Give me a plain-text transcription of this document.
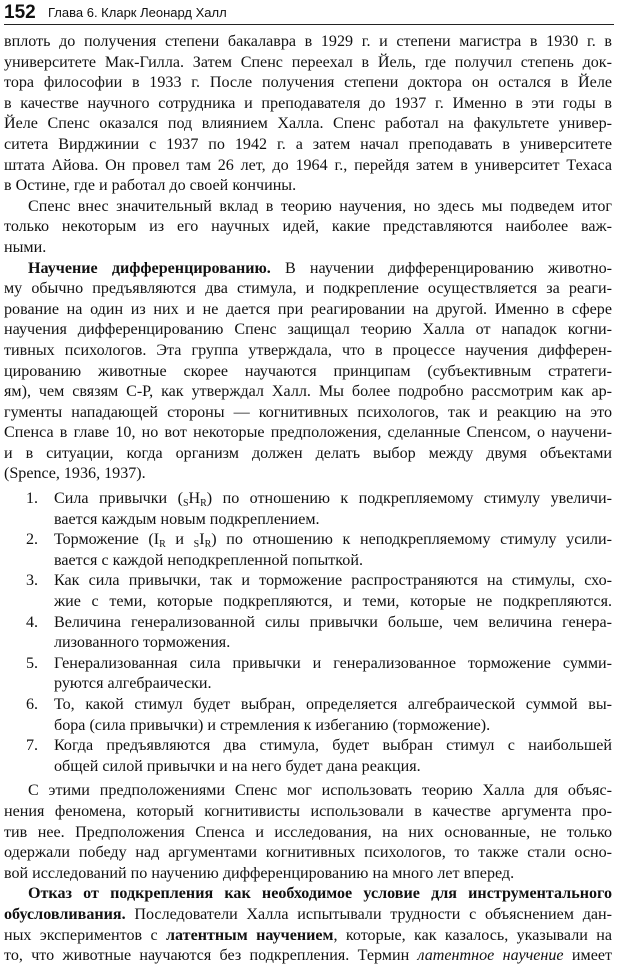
152 Глава 6. Кларк Леонард Халл
вплоть до получения степени бакалавра в 1929 г. и степени магистра в 1930 г. в
университете Мак-Гилла. Затем Спенс переехал в Йель, где получил степень док-
тора философии в 1933 г. После получения степени доктора он остался в Йеле
в качестве научного сотрудника и преподавателя до 1937 г. Именно в эти годы в
Йеле Спенс оказался под влиянием Халла. Спенс работал на факультете универ-
ситета Вирджинии с 1937 по 1942 г. а затем начал преподавать в университете
штата Айова. Он провел там 26 лет, до 1964 г., перейдя затем в университет Техаса
в Остине, где и работал до своей кончины.
Спенс внес значительный вклад в теорию научения, но здесь мы подведем итог
только некоторым из его научных идей, какие представляются наиболее важ-
ными.
Научение дифференцированию. В научении дифференцированию животно-
му обычно предъявляются два стимула, и подкрепление осуществляется за реаги-
рование на один из них и не дается при реагировании на другой. Именно в сфере
научения дифференцированию Спенс защищал теорию Халла от нападок когни-
тивных психологов. Эта группа утверждала, что в процессе научения дифферен-
цированию животные скорее научаются принципам (субъективным стратеги-
ям), чем связям С-Р, как утверждал Халл. Мы более подробно рассмотрим как ар-
гументы нападающей стороны — когнитивных психологов, так и реакцию на это
Спенса в главе 10, но вот некоторые предположения, сделанные Спенсом, о научени-
и в ситуации, когда организм должен делать выбор между двумя объектами
(Spence, 1936, 1937).
1. Сила привычки $(_SH_R)$ по отношению к подкрепляемому стимулу увеличи-
вается каждым новым подкреплением.
2. Торможение ($I_R$ и $_SI_R$) по отношению к неподкрепляемому стимулу усили-
вается с каждой неподкрепленной попыткой.
3. Как сила привычки, так и торможение распространяются на стимулы, схо-
жие с теми, которые подкрепляются, и теми, которые не подкрепляются.
4. Величина генерализованной силы привычки больше, чем величина генера-
лизованного торможения.
5. Генерализованная сила привычки и генерализованное торможение сумми-
руются алгебраически.
6. То, какой стимул будет выбран, определяется алгебраической суммой вы-
бора (сила привычки) и стремления к избеганию (торможение).
7. Когда предъявляются два стимула, будет выбран стимул с наибольшей
общей силой привычки и на него будет дана реакция.
С этими предположениями Спенс мог использовать теорию Халла для объяс-
нения феномена, который когнитивисты использовали в качестве аргумента про-
тив нее. Предположения Спенса и исследования, на них основанные, не только
одержали победу над аргументами когнитивных психологов, то также стали осно-
вой исследований по научению дифференцированию на много лет вперед.
Отказ от подкрепления как необходимое условие для инструментального
обусловливания. Последователи Халла испытывали трудности с объяснением дан-
ных экспериментов с латентным научением, которые, как казалось, указывали на
то, что животные научаются без подкрепления. Термин латентное научение имеет
